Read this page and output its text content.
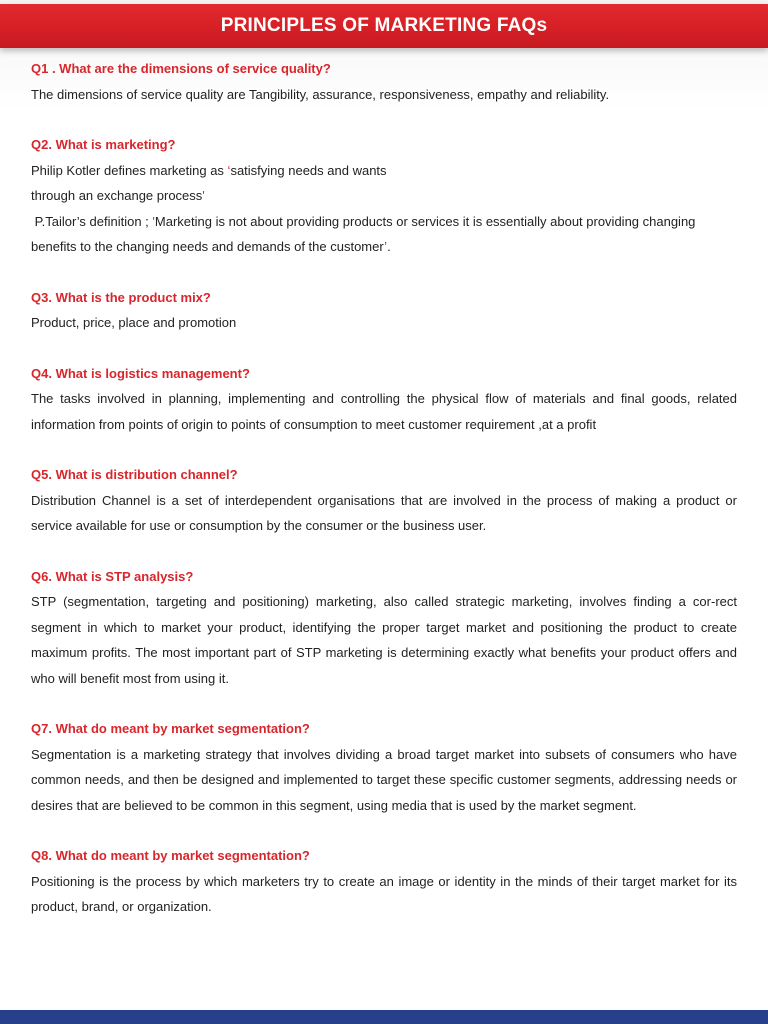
PRINCIPLES OF MARKETING FAQs

Q1 . What are the dimensions of service quality?

The dimensions of service quality are Tangibility, assurance, responsiveness, empathy and reliability.

Q2. What is marketing?

Philip Kotler defines marketing as ‘satisfying needs and wants
through an exchange process'
P.Tailor’s definition ; 'Marketing is not about providing products or services it is essentially about providing changing benefits to the changing needs and demands of the customer’.

Q3. What is the product mix?

Product, price, place and promotion

Q4. What is logistics management?

The tasks involved in planning, implementing and controlling the physical flow of materials and final goods, related information from points of origin to points of consumption to meet customer requirement ,at a profit

Q5. What is distribution channel?

Distribution Channel is a set of interdependent organisations that are involved in the process of making a product or service available for use or consumption by the consumer or the business user.

Q6. What is STP analysis?

STP (segmentation, targeting and positioning) marketing, also called strategic marketing, involves finding a cor-rect segment in which to market your product, identifying the proper target market and positioning the product to create maximum profits. The most important part of STP marketing is determining exactly what benefits your product offers and who will benefit most from using it.

Q7. What do meant by market segmentation?

Segmentation is a marketing strategy that involves dividing a broad target market into subsets of consumers who have common needs, and then be designed and implemented to target these specific customer segments, addressing needs or desires that are believed to be common in this segment, using media that is used by the market segment.

Q8. What do meant by market segmentation?

Positioning is the process by which marketers try to create an image or identity in the minds of their target market for its product, brand, or organization.
